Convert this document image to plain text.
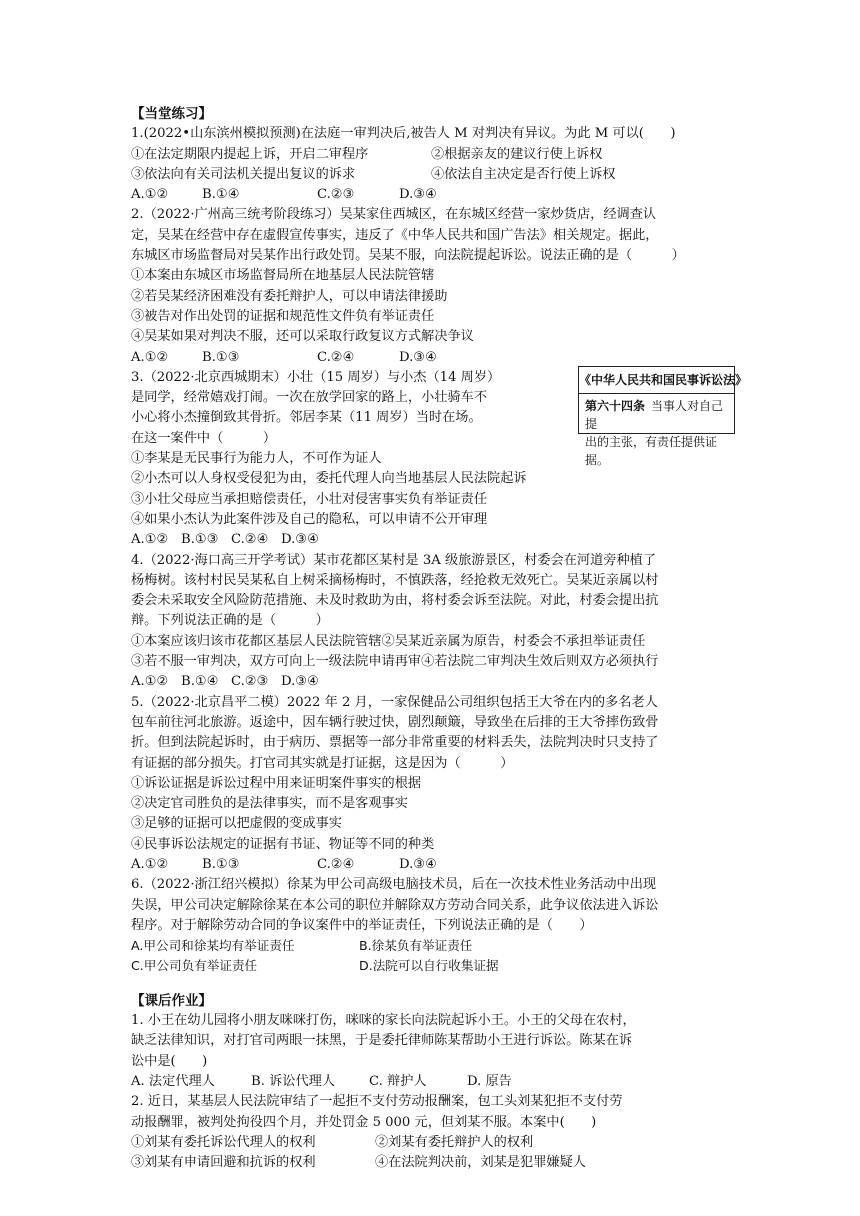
【当堂练习】
1.(2022•山东滨州模拟预测)在法庭一审判决后,被告人 M 对判决有异议。为此 M 可以(　　)
①在法定期限内提起上诉，开启二审程序	②根据亲友的建议行使上诉权
③依法向有关司法机关提出复议的诉求	④依法自主决定是否行使上诉权
A.①②	B.①④	C.②③	D.③④
2.（2022·广州高三统考阶段练习）吴某家住西城区，在东城区经营一家炒货店，经调查认
定，吴某在经营中存在虚假宣传事实，违反了《中华人民共和国广告法》相关规定。据此，
东城区市场监督局对吴某作出行政处罚。吴某不服，向法院提起诉讼。说法正确的是（　　　）
①本案由东城区市场监督局所在地基层人民法院管辖
②若吴某经济困难没有委托辩护人，可以申请法律援助
③被告对作出处罚的证据和规范性文件负有举证责任
④吴某如果对判决不服，还可以采取行政复议方式解决争议
A.①②	B.①③	C.②④	D.③④
3.（2022·北京西城期末）小壮（15 周岁）与小杰（14 周岁）
是同学，经常嬉戏打闹。一次在放学回家的路上，小壮骑车不
小心将小杰撞倒致其骨折。邻居李某（11 周岁）当时在场。
在这一案件中（　　　）
①李某是无民事行为能力人，不可作为证人
②小杰可以人身权受侵犯为由，委托代理人向当地基层人民法院起诉
③小壮父母应当承担赔偿责任，小壮对侵害事实负有举证责任
④如果小杰认为此案件涉及自己的隐私，可以申请不公开审理
A.①② B.①③ C.②④ D.③④
4.（2022·海口高三开学考试）某市花都区某村是 3A 级旅游景区，村委会在河道旁种植了
杨梅树。该村村民吴某私自上树采摘杨梅时，不慎跌落，经抢救无效死亡。吴某近亲属以村
委会未采取安全风险防范措施、未及时救助为由，将村委会诉至法院。对此，村委会提出抗
辩。下列说法正确的是（　　　）
①本案应该归该市花都区基层人民法院管辖②吴某近亲属为原告，村委会不承担举证责任
③若不服一审判决，双方可向上一级法院申请再审④若法院二审判决生效后则双方必须执行
A.①② B.①④ C.②③ D.③④
5.（2022·北京昌平二模）2022 年 2 月，一家保健品公司组织包括王大爷在内的多名老人
包车前往河北旅游。返途中，因车辆行驶过快，剧烈颠簸，导致坐在后排的王大爷摔伤致骨
折。但到法院起诉时，由于病历、票据等一部分非常重要的材料丢失，法院判决时只支持了
有证据的部分损失。打官司其实就是打证据，这是因为（　　　）
①诉讼证据是诉讼过程中用来证明案件事实的根据
②决定官司胜负的是法律事实，而不是客观事实
③足够的证据可以把虚假的变成事实
④民事诉讼法规定的证据有书证、物证等不同的种类
A.①②	B.①③	C.②④	D.③④
6.（2022·浙江绍兴模拟）徐某为甲公司高级电脑技术员，后在一次技术性业务活动中出现
失误，甲公司决定解除徐某在本公司的职位并解除双方劳动合同关系，此争议依法进入诉讼
程序。对于解除劳动合同的争议案件中的举证责任，下列说法正确的是（　　）
A.甲公司和徐某均有举证责任	B.徐某负有举证责任
C.甲公司负有举证责任	D.法院可以自行收集证据
【课后作业】
1. 小王在幼儿园将小朋友咪咪打伤，咪咪的家长向法院起诉小王。小王的父母在农村，
缺乏法律知识，对打官司两眼一抹黑，于是委托律师陈某帮助小王进行诉讼。陈某在诉
讼中是(　　)
A. 法定代理人	B. 诉讼代理人	C. 辩护人	D. 原告
2. 近日，某基层人民法院审结了一起拒不支付劳动报酬案，包工头刘某犯拒不支付劳
动报酬罪，被判处拘役四个月，并处罚金 5 000 元，但刘某不服。本案中(　　)
①刘某有委托诉讼代理人的权利	②刘某有委托辩护人的权利
③刘某有申请回避和抗诉的权利	④在法院判决前，刘某是犯罪嫌疑人
《中华人民共和国民事诉讼法》
第六十四条 当事人对自己提
出的主张，有责任提供证据。
